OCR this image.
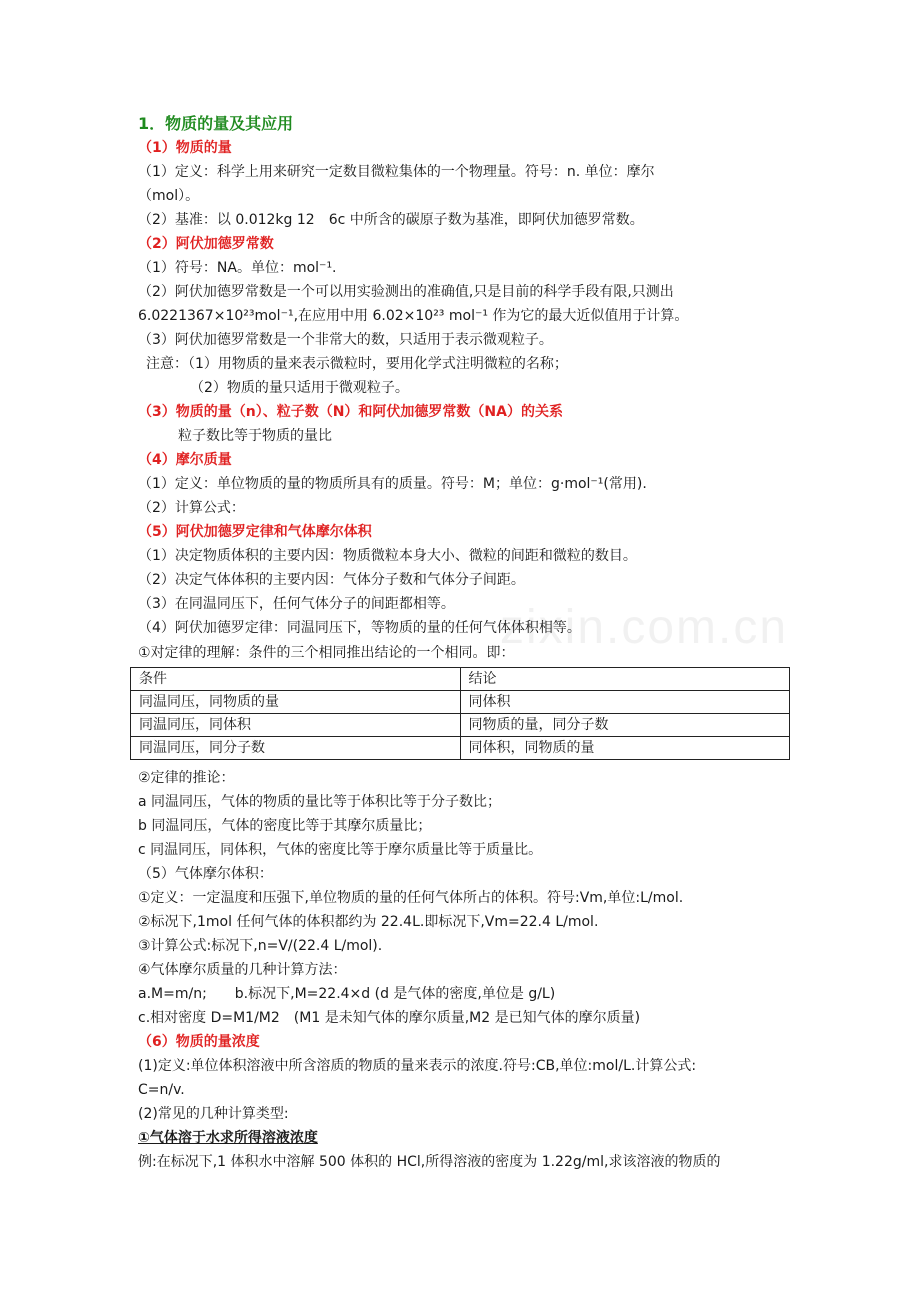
1．物质的量及其应用
（1）物质的量
（1）定义：科学上用来研究一定数目微粒集体的一个物理量。符号：n. 单位：摩尔
（mol）。
（2）基准：以 0.012kg 12　6c 中所含的碳原子数为基准，即阿伏加德罗常数。
（2）阿伏加德罗常数
（1）符号：NA。单位：mol⁻¹.
（2）阿伏加德罗常数是一个可以用实验测出的准确值,只是目前的科学手段有限,只测出
6.0221367×10²³mol⁻¹,在应用中用 6.02×10²³ mol⁻¹ 作为它的最大近似值用于计算。
（3）阿伏加德罗常数是一个非常大的数，只适用于表示微观粒子。
注意：（1）用物质的量来表示微粒时，要用化学式注明微粒的名称；
（2）物质的量只适用于微观粒子。
（3）物质的量（n）、粒子数（N）和阿伏加德罗常数（NA）的关系
粒子数比等于物质的量比
（4）摩尔质量
（1）定义：单位物质的量的物质所具有的质量。符号：M；单位：g·mol⁻¹(常用).
（2）计算公式：
（5）阿伏加德罗定律和气体摩尔体积
（1）决定物质体积的主要内因：物质微粒本身大小、微粒的间距和微粒的数目。
（2）决定气体体积的主要内因：气体分子数和气体分子间距。
（3）在同温同压下，任何气体分子的间距都相等。
（4）阿伏加德罗定律：同温同压下，等物质的量的任何气体体积相等。
①对定律的理解：条件的三个相同推出结论的一个相同。即：
条件	结论
同温同压，同物质的量	同体积
同温同压，同体积	同物质的量，同分子数
同温同压，同分子数	同体积，同物质的量
②定律的推论：
a 同温同压，气体的物质的量比等于体积比等于分子数比；
b 同温同压，气体的密度比等于其摩尔质量比；
c 同温同压，同体积，气体的密度比等于摩尔质量比等于质量比。
（5）气体摩尔体积：
①定义：一定温度和压强下,单位物质的量的任何气体所占的体积。符号:Vm,单位:L/mol.
②标况下,1mol 任何气体的体积都约为 22.4L.即标况下,Vm=22.4 L/mol.
③计算公式:标况下,n=V/(22.4 L/mol).
④气体摩尔质量的几种计算方法：
a.M=m/n;　　b.标况下,M=22.4×d (d 是气体的密度,单位是 g/L)
c.相对密度 D=M1/M2　(M1 是未知气体的摩尔质量,M2 是已知气体的摩尔质量)
（6）物质的量浓度
(1)定义:单位体积溶液中所含溶质的物质的量来表示的浓度.符号:CB,单位:mol/L.计算公式:
C=n/v.
(2)常见的几种计算类型:
①气体溶于水求所得溶液浓度
例:在标况下,1 体积水中溶解 500 体积的 HCl,所得溶液的密度为 1.22g/ml,求该溶液的物质的
zixin.com.cn
